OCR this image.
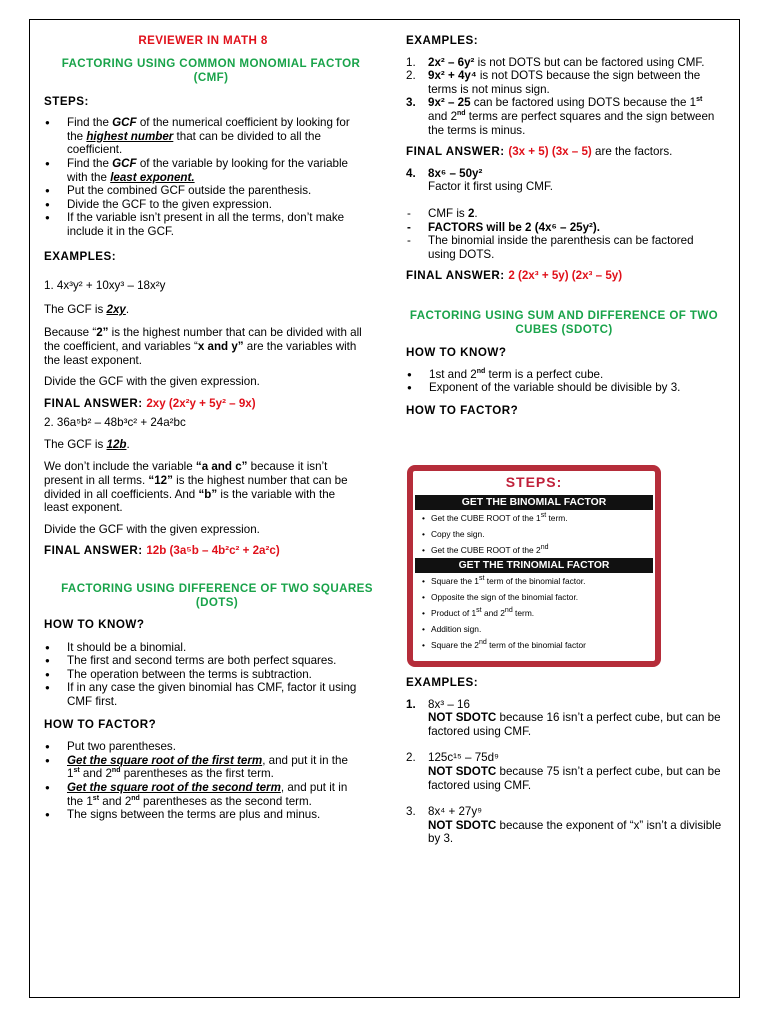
REVIEWER IN MATH 8

FACTORING USING COMMON MONOMIAL FACTOR (CMF)

STEPS:

● Find the GCF of the numerical coefficient by looking for the highest number that can be divided to all the coefficient.
● Find the GCF of the variable by looking for the variable with the least exponent.
● Put the combined GCF outside the parenthesis.
● Divide the GCF to the given expression.
● If the variable isn’t present in all the terms, don’t make include it in the GCF.

EXAMPLES:

1. 4x³y² + 10xy³ – 18x²y

The GCF is 2xy.

Because “2” is the highest number that can be divided with all the coefficient, and variables “x and y” are the variables with the least exponent.

Divide the GCF with the given expression.

FINAL ANSWER: 2xy (2x²y + 5y² – 9x)

2. 36a⁵b² – 48b³c² + 24a²bc

The GCF is 12b.

We don’t include the variable “a and c” because it isn’t present in all terms. “12” is the highest number that can be divided in all coefficients. And “b” is the variable with the least exponent.

Divide the GCF with the given expression.

FINAL ANSWER: 12b (3a⁵b – 4b²c² + 2a²c)

FACTORING USING DIFFERENCE OF TWO SQUARES (DOTS)

HOW TO KNOW?

● It should be a binomial.
● The first and second terms are both perfect squares.
● The operation between the terms is subtraction.
● If in any case the given binomial has CMF, factor it using CMF first.

HOW TO FACTOR?

● Put two parentheses.
● Get the square root of the first term, and put it in the 1st and 2nd parentheses as the first term.
● Get the square root of the second term, and put it in the 1st and 2nd parentheses as the second term.
● The signs between the terms are plus and minus.

EXAMPLES:

1. 2x² – 6y² is not DOTS but can be factored using CMF.
2. 9x² + 4y⁴ is not DOTS because the sign between the terms is not minus sign.
3. 9x² – 25 can be factored using DOTS because the 1st and 2nd terms are perfect squares and the sign between the terms is minus.

FINAL ANSWER: (3x + 5) (3x – 5) are the factors.

4. 8x⁶ – 50y²
Factor it first using CMF.
- CMF is 2.
- FACTORS will be 2 (4x⁶ – 25y²).
- The binomial inside the parenthesis can be factored using DOTS.

FINAL ANSWER: 2 (2x³ + 5y) (2x³ – 5y)

FACTORING USING SUM AND DIFFERENCE OF TWO CUBES (SDOTC)

HOW TO KNOW?

● 1st and 2nd term is a perfect cube.
● Exponent of the variable should be divisible by 3.

HOW TO FACTOR?

STEPS:
GET THE BINOMIAL FACTOR
• Get the CUBE ROOT of the 1st term.
• Copy the sign.
• Get the CUBE ROOT of the 2nd
GET THE TRINOMIAL FACTOR
• Square the 1st term of the binomial factor.
• Opposite the sign of the binomial factor.
• Product of 1st and 2nd term.
• Addition sign.
• Square the 2nd term of the binomial factor

EXAMPLES:

1. 8x³ – 16
NOT SDOTC because 16 isn’t a perfect cube, but can be factored using CMF.
2. 125c¹⁵ – 75d⁹
NOT SDOTC because 75 isn’t a perfect cube, but can be factored using CMF.
3. 8x⁴ + 27y⁹
NOT SDOTC because the exponent of “x” isn’t a divisible by 3.
